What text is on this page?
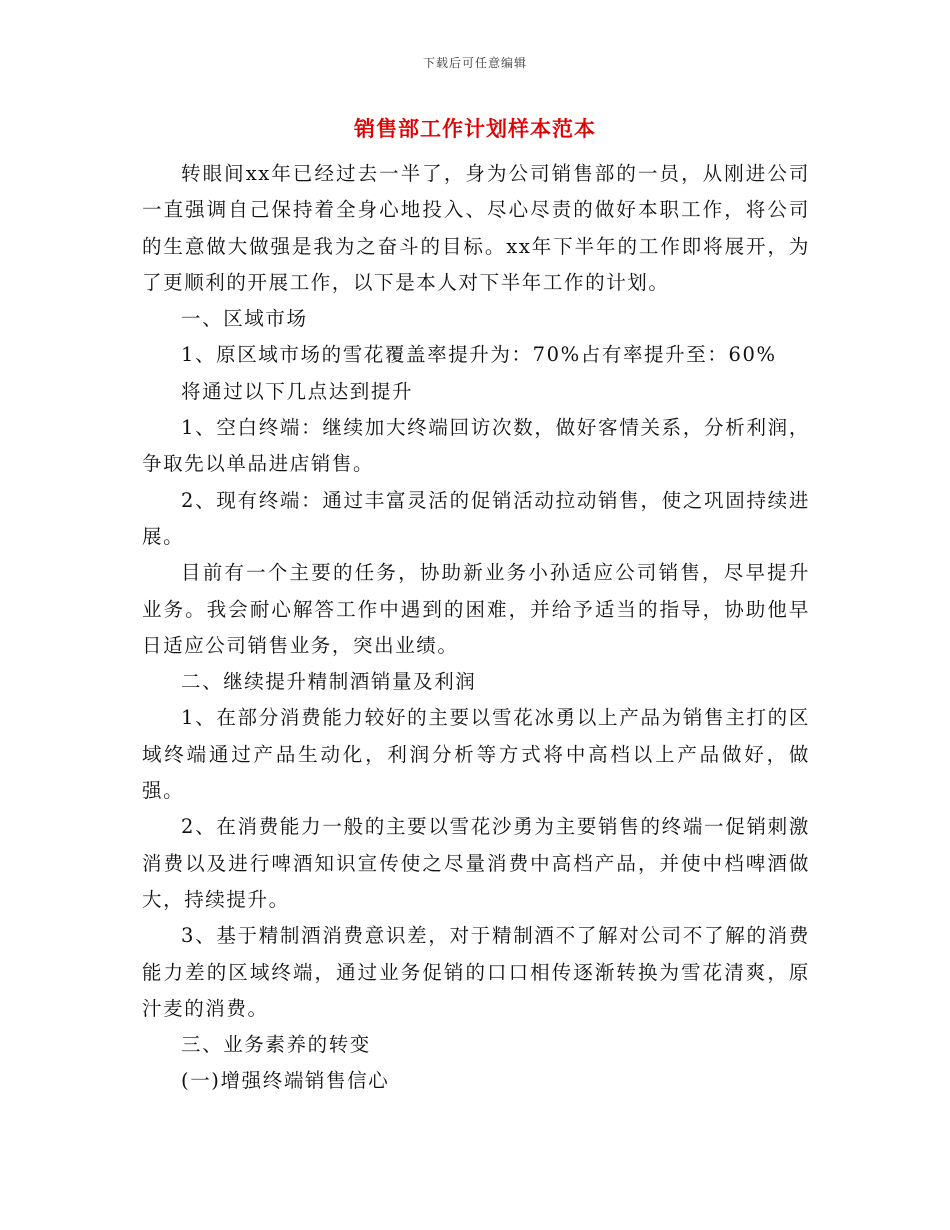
下载后可任意编辑
销售部工作计划样本范本

转眼间xx年已经过去一半了，身为公司销售部的一员，从刚进公司一直强调自己保持着全身心地投入、尽心尽责的做好本职工作，将公司的生意做大做强是我为之奋斗的目标。xx年下半年的工作即将展开，为了更顺利的开展工作，以下是本人对下半年工作的计划。

一、区域市场

1、原区域市场的雪花覆盖率提升为：70%占有率提升至：60%

将通过以下几点达到提升

1、空白终端：继续加大终端回访次数，做好客情关系，分析利润，争取先以单品进店销售。

2、现有终端：通过丰富灵活的促销活动拉动销售，使之巩固持续进展。

目前有一个主要的任务，协助新业务小孙适应公司销售，尽早提升业务。我会耐心解答工作中遇到的困难，并给予适当的指导，协助他早日适应公司销售业务，突出业绩。

二、继续提升精制酒销量及利润

1、在部分消费能力较好的主要以雪花冰勇以上产品为销售主打的区域终端通过产品生动化，利润分析等方式将中高档以上产品做好，做强。

2、在消费能力一般的主要以雪花沙勇为主要销售的终端一促销刺激消费以及进行啤酒知识宣传使之尽量消费中高档产品，并使中档啤酒做大，持续提升。

3、基于精制酒消费意识差，对于精制酒不了解对公司不了解的消费能力差的区域终端，通过业务促销的口口相传逐渐转换为雪花清爽，原汁麦的消费。

三、业务素养的转变

(一)增强终端销售信心
